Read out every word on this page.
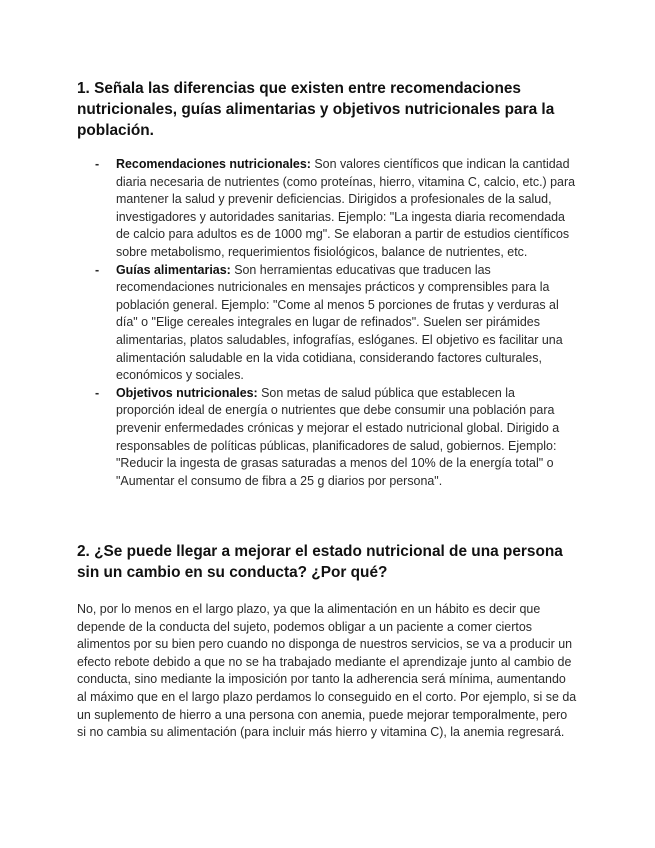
1. Señala las diferencias que existen entre recomendaciones nutricionales, guías alimentarias y objetivos nutricionales para la población.
- Recomendaciones nutricionales: Son valores científicos que indican la cantidad diaria necesaria de nutrientes (como proteínas, hierro, vitamina C, calcio, etc.) para mantener la salud y prevenir deficiencias. Dirigidos a profesionales de la salud, investigadores y autoridades sanitarias. Ejemplo: "La ingesta diaria recomendada de calcio para adultos es de 1000 mg". Se elaboran a partir de estudios científicos sobre metabolismo, requerimientos fisiológicos, balance de nutrientes, etc.
- Guías alimentarias: Son herramientas educativas que traducen las recomendaciones nutricionales en mensajes prácticos y comprensibles para la población general. Ejemplo: "Come al menos 5 porciones de frutas y verduras al día" o "Elige cereales integrales en lugar de refinados". Suelen ser pirámides alimentarias, platos saludables, infografías, eslóganes. El objetivo es facilitar una alimentación saludable en la vida cotidiana, considerando factores culturales, económicos y sociales.
- Objetivos nutricionales: Son metas de salud pública que establecen la proporción ideal de energía o nutrientes que debe consumir una población para prevenir enfermedades crónicas y mejorar el estado nutricional global. Dirigido a responsables de políticas públicas, planificadores de salud, gobiernos. Ejemplo: "Reducir la ingesta de grasas saturadas a menos del 10% de la energía total" o "Aumentar el consumo de fibra a 25 g diarios por persona".
2. ¿Se puede llegar a mejorar el estado nutricional de una persona sin un cambio en su conducta? ¿Por qué?

No, por lo menos en el largo plazo, ya que la alimentación en un hábito es decir que depende de la conducta del sujeto, podemos obligar a un paciente a comer ciertos alimentos por su bien pero cuando no disponga de nuestros servicios, se va a producir un efecto rebote debido a que no se ha trabajado mediante el aprendizaje junto al cambio de conducta, sino mediante la imposición por tanto la adherencia será mínima, aumentando al máximo que en el largo plazo perdamos lo conseguido en el corto. Por ejemplo, si se da un suplemento de hierro a una persona con anemia, puede mejorar temporalmente, pero si no cambia su alimentación (para incluir más hierro y vitamina C), la anemia regresará.
